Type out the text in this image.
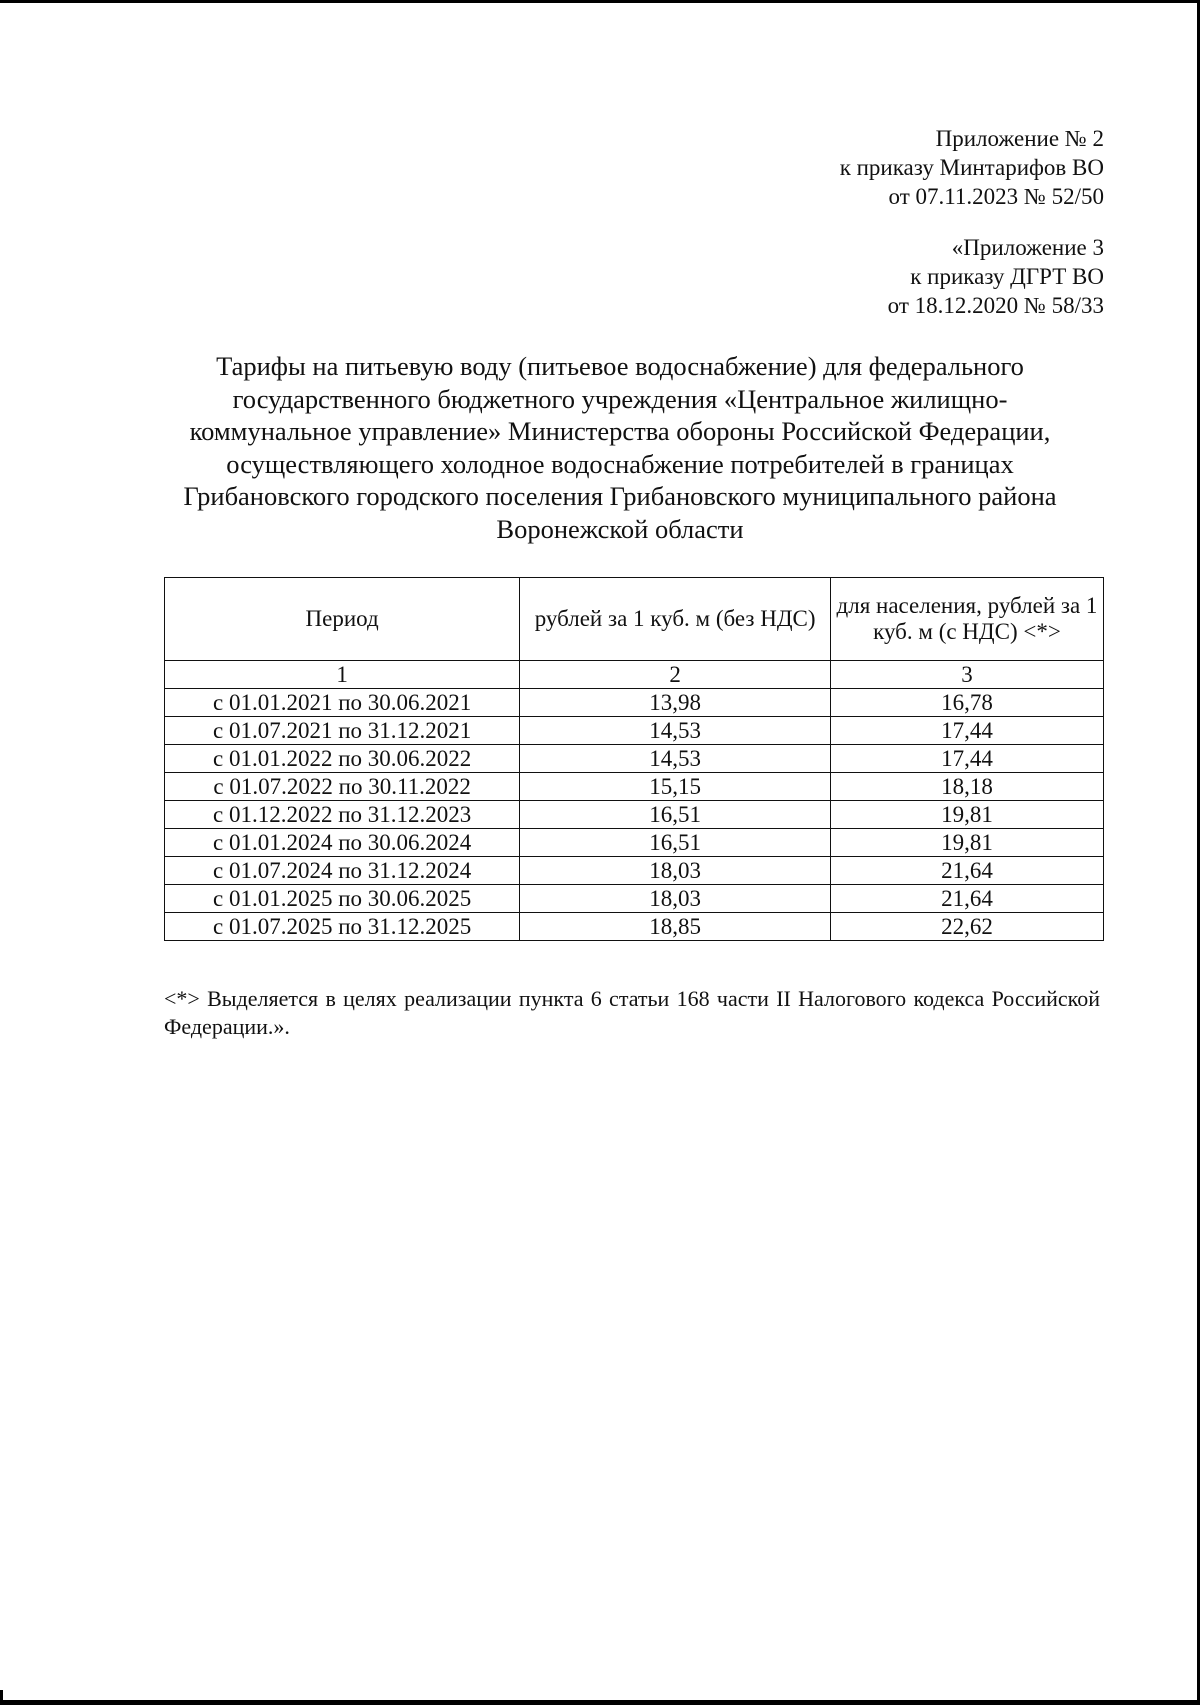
Приложение № 2
к приказу Минтарифов ВО
от 07.11.2023 № 52/50
«Приложение 3
к приказу ДГРТ ВО
от 18.12.2020 № 58/33
Тарифы на питьевую воду (питьевое водоснабжение) для федерального
государственного бюджетного учреждения «Центральное жилищно-
коммунальное управление» Министерства обороны Российской Федерации,
осуществляющего холодное водоснабжение потребителей в границах
Грибановского городского поселения Грибановского муниципального района
Воронежской области
Период	рублей за 1 куб. м (без НДС)	для населения, рублей за 1 куб. м (с НДС) <*>
1	2	3
с 01.01.2021 по 30.06.2021	13,98	16,78
с 01.07.2021 по 31.12.2021	14,53	17,44
с 01.01.2022 по 30.06.2022	14,53	17,44
с 01.07.2022 по 30.11.2022	15,15	18,18
с 01.12.2022 по 31.12.2023	16,51	19,81
с 01.01.2024 по 30.06.2024	16,51	19,81
с 01.07.2024 по 31.12.2024	18,03	21,64
с 01.01.2025 по 30.06.2025	18,03	21,64
с 01.07.2025 по 31.12.2025	18,85	22,62
<*> Выделяется в целях реализации пункта 6 статьи 168 части II Налогового кодекса Российской Федерации.».
